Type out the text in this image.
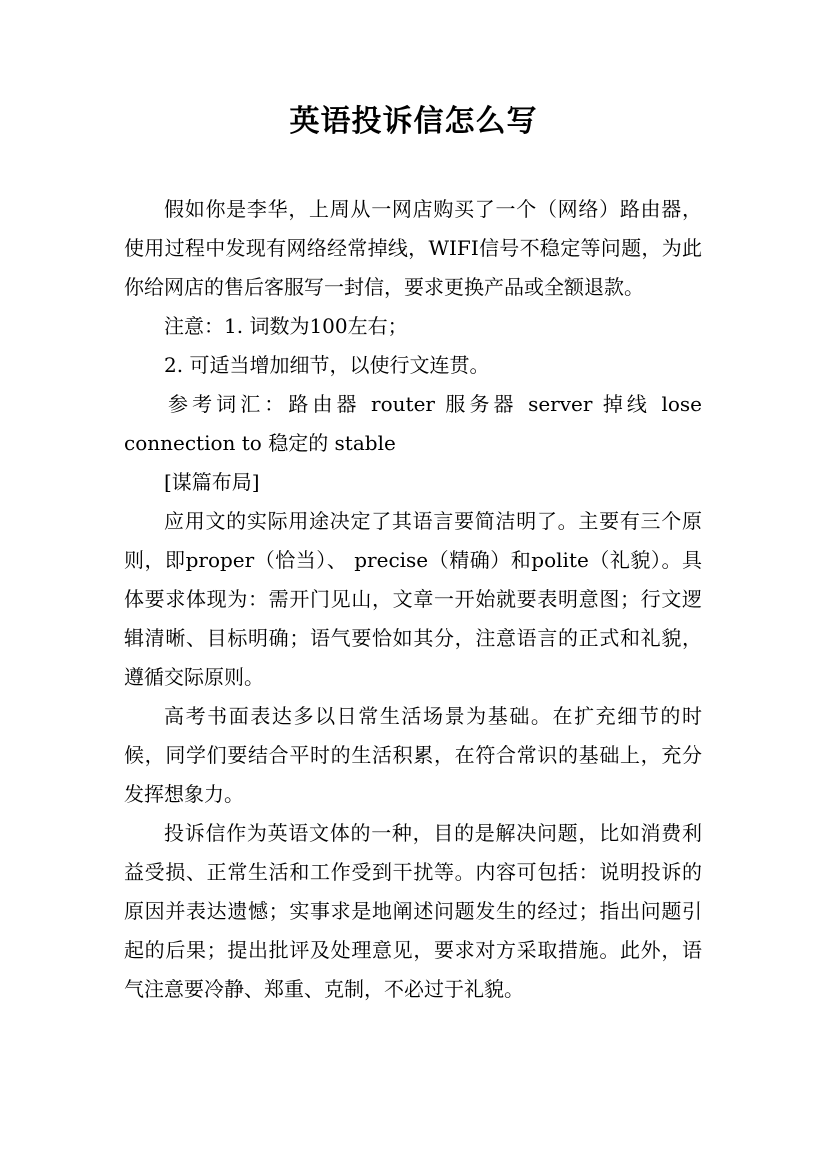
英语投诉信怎么写

假如你是李华，上周从一网店购买了一个（网络）路由器，使用过程中发现有网络经常掉线，WIFI信号不稳定等问题，为此你给网店的售后客服写一封信，要求更换产品或全额退款。

注意：1. 词数为100左右；

2. 可适当增加细节，以使行文连贯。

参考词汇：路由器 router 服务器 server 掉线 lose connection to 稳定的 stable

[谋篇布局]

应用文的实际用途决定了其语言要简洁明了。主要有三个原则，即proper（恰当）、 precise（精确）和polite（礼貌）。具体要求体现为：需开门见山，文章一开始就要表明意图；行文逻辑清晰、目标明确；语气要恰如其分，注意语言的正式和礼貌，遵循交际原则。

高考书面表达多以日常生活场景为基础。在扩充细节的时候，同学们要结合平时的生活积累，在符合常识的基础上，充分发挥想象力。

投诉信作为英语文体的一种，目的是解决问题，比如消费利益受损、正常生活和工作受到干扰等。内容可包括：说明投诉的原因并表达遗憾；实事求是地阐述问题发生的经过；指出问题引起的后果；提出批评及处理意见，要求对方采取措施。此外，语气注意要冷静、郑重、克制，不必过于礼貌。
